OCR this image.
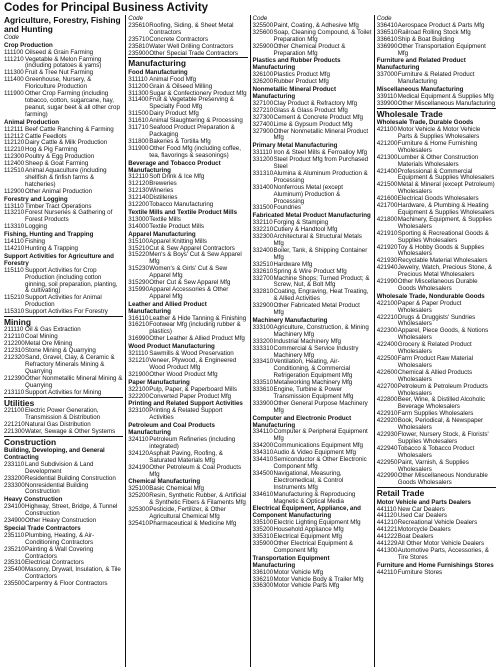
Codes for Principal Business Activity
Agriculture, Forestry, Fishing and Hunting
Code
Crop Production
111100 Oilseed & Grain Farming
111210 Vegetable & Melon Farming (including potatoes & yams)
111300 Fruit & Tree Nut Farming
111400 Greenhouse, Nursery, & Floriculture Production
111900 Other Crop Farming (including tobacco, cotton, sugarcane, hay, peanut, sugar beet & all other crop farming)
Animal Production
112111 Beef Cattle Ranching & Farming
112112 Cattle Feedlots
112120 Dairy Cattle & Milk Production
112210 Hog & Pig Farming
112300 Poultry & Egg Production
112400 Sheep & Goat Farming
112510 Animal Aquaculture (including shellfish & finfish farms & hatcheries)
112900 Other Animal Production
Forestry and Logging
113110 Timber Tract Operations
113210 Forest Nurseries & Gathering of Forest Products
113310 Logging
Fishing, Hunting and Trapping
114110 Fishing
114210 Hunting & Trapping
Support Activities for Agriculture and Forestry
115110 Support Activities for Crop Production (including cotton ginning, soil preparation, planting, & cultivating)
115210 Support Activities for Animal Production
115310 Support Activities For Forestry
Mining
211110 Oil & Gas Extraction
212110 Coal Mining
212200 Metal Ore Mining
212310 Stone Mining & Quarrying
212320 Sand, Gravel, Clay, & Ceramic & Refractory Minerals Mining & Quarrying
212390 Other Nonmetallic Mineral Mining & Quarrying
213110 Support Activities for Mining
Utilities
221100 Electric Power Generation, Transmission & Distribution
221210 Natural Gas Distribution
221300 Water, Sewage & Other Systems
Construction
Building, Developing, and General Contracting
233110 Land Subdivision & Land Development
233200 Residential Building Construction
233300 Nonresidential Building Construction
Heavy Construction
234100 Highway, Street, Bridge, & Tunnel Construction
234900 Other Heavy Construction
Special Trade Contractors
235110 Plumbing, Heating, & Air-Conditioning Contractors
235210 Painting & Wall Covering Contractors
235310 Electrical Contractors
235400 Masonry, Drywall, Insulation, & Tile Contractors
235500 Carpentry & Floor Contractors
Code
235610 Roofing, Siding, & Sheet Metal Contractors
235710 Concrete Contractors
235810 Water Well Drilling Contractors
235900 Other Special Trade Contractors
Manufacturing
Food Manufacturing
311110 Animal Food Mfg
311200 Grain & Oilseed Milling
311300 Sugar & Confectionery Product Mfg
311400 Fruit & Vegetable Preserving & Specialty Food Mfg
311500 Dairy Product Mfg
311610 Animal Slaughtering & Processing
311710 Seafood Product Preparation & Packaging
311800 Bakeries & Tortilla Mfg
311900 Other Food Mfg (including coffee, tea, flavorings & seasonings)
Beverage and Tobacco Product Manufacturing
312110 Soft Drink & Ice Mfg
312120 Breweries
312130 Wineries
312140 Distilleries
312200 Tobacco Manufacturing
Textile Mills and Textile Product Mills
313000 Textile Mills
314000 Textile Product Mills
Apparel Manufacturing
315100 Apparel Knitting Mills
315210 Cut & Sew Apparel Contractors
315220 Men's & Boys' Cut & Sew Apparel Mfg
315230 Women's & Girls' Cut & Sew Apparel Mfg
315290 Other Cut & Sew Apparel Mfg
315990 Apparel Accessories & Other Apparel Mfg
Leather and Allied Product Manufacturing
316110 Leather & Hide Tanning & Finishing
316210 Footwear Mfg (including rubber & plastics)
316990 Other Leather & Allied Product Mfg
Wood Product Manufacturing
321110 Sawmills & Wood Preservation
321210 Veneer, Plywood, & Engineered Wood Product Mfg
321900 Other Wood Product Mfg
Paper Manufacturing
322100 Pulp, Paper, & Paperboard Mills
322200 Converted Paper Product Mfg
Printing and Related Support Activities
323100 Printing & Related Support Activities
Petroleum and Coal Products Manufacturing
324110 Petroleum Refineries (including integrated)
324120 Asphalt Paving, Roofing, & Saturated Materials Mfg
324190 Other Petroleum & Coal Products Mfg
Chemical Manufacturing
325100 Basic Chemical Mfg
325200 Resin, Synthetic Rubber, & Artificial & Synthetic Fibers & Filaments Mfg
325300 Pesticide, Fertilizer, & Other Agricultural Chemical Mfg
325410 Pharmaceutical & Medicine Mfg
Code
325500 Paint, Coating, & Adhesive Mfg
325600 Soap, Cleaning Compound, & Toilet Preparation Mfg
325900 Other Chemical Product & Preparation Mfg
Plastics and Rubber Products Manufacturing
326100 Plastics Product Mfg
326200 Rubber Product Mfg
Nonmetallic Mineral Product Manufacturing
327100 Clay Product & Refractory Mfg
327210 Glass & Glass Product Mfg
327300 Cement & Concrete Product Mfg
327400 Lime & Gypsum Product Mfg
327900 Other Nonmetallic Mineral Product Mfg
Primary Metal Manufacturing
331110 Iron & Steel Mills & Ferroalloy Mfg
331200 Steel Product Mfg from Purchased Steel
331310 Alumina & Aluminum Production & Processing
331400 Nonferrous Metal (except Aluminum) Production & Processing
331500 Foundries
Fabricated Metal Product Manufacturing
332110 Forging & Stamping
332210 Cutlery & Handtool Mfg
332300 Architectural & Structural Metals Mfg
332400 Boiler, Tank, & Shipping Container Mfg
332510 Hardware Mfg
332610 Spring & Wire Product Mfg
332700 Machine Shops; Turned Product; & Screw, Nut, & Bolt Mfg
332810 Coating, Engraving, Heat Treating, & Allied Activities
332900 Other Fabricated Metal Product Mfg
Machinery Manufacturing
333100 Agriculture, Construction, & Mining Machinery Mfg
333200 Industrial Machinery Mfg
333310 Commercial & Service Industry Machinery Mfg
333410 Ventilation, Heating, Air-Conditioning, & Commercial Refrigeration Equipment Mfg
333510 Metalworking Machinery Mfg
333610 Engine, Turbine & Power Transmission Equipment Mfg
333900 Other General Purpose Machinery Mfg
Computer and Electronic Product Manufacturing
334110 Computer & Peripheral Equipment Mfg
334200 Communications Equipment Mfg
334310 Audio & Video Equipment Mfg
334410 Semiconductor & Other Electronic Component Mfg
334500 Navigational, Measuring, Electromedical, & Control Instruments Mfg
334610 Manufacturing & Reproducing Magnetic & Optical Media
Electrical Equipment, Appliance, and Component Manufacturing
335100 Electric Lighting Equipment Mfg
335200 Household Appliance Mfg
335310 Electrical Equipment Mfg
335900 Other Electrical Equipment & Component Mfg
Transportation Equipment Manufacturing
336100 Motor Vehicle Mfg
336210 Motor Vehicle Body & Trailer Mfg
336300 Motor Vehicle Parts Mfg
Code
336410 Aerospace Product & Parts Mfg
336510 Railroad Rolling Stock Mfg
336610 Ship & Boat Building
336990 Other Transportation Equipment Mfg
Furniture and Related Product Manufacturing
337000 Furniture & Related Product Manufacturing
Miscellaneous Manufacturing
339110 Medical Equipment & Supplies Mfg
339900 Other Miscellaneous Manufacturing
Wholesale Trade
Wholesale Trade, Durable Goods
421100 Motor Vehicle & Motor Vehicle Parts & Supplies Wholesalers
421200 Furniture & Home Furnishing Wholesalers
421300 Lumber & Other Construction Materials Wholesalers
421400 Professional & Commercial Equipment & Supplies Wholesalers
421500 Metal & Mineral (except Petroleum) Wholesalers
421600 Electrical Goods Wholesalers
421700 Hardware, & Plumbing & Heating Equipment & Supplies Wholesalers
421800 Machinery, Equipment, & Supplies Wholesalers
421910 Sporting & Recreational Goods & Supplies Wholesalers
421920 Toy & Hobby Goods & Supplies Wholesalers
421930 Recyclable Material Wholesalers
421940 Jewelry, Watch, Precious Stone, & Precious Metal Wholesalers
421990 Other Miscellaneous Durable Goods Wholesalers
Wholesale Trade, Nondurable Goods
422100 Paper & Paper Product Wholesalers
422210 Drugs & Druggists' Sundries Wholesalers
422300 Apparel, Piece Goods, & Notions Wholesalers
422400 Grocery & Related Product Wholesalers
422500 Farm Product Raw Material Wholesalers
422600 Chemical & Allied Products Wholesalers
422700 Petroleum & Petroleum Products Wholesalers
422800 Beer, Wine, & Distilled Alcoholic Beverage Wholesalers
422910 Farm Supplies Wholesalers
422920 Book, Periodical, & Newspaper Wholesalers
422930 Flower, Nursery Stock, & Florists' Supplies Wholesalers
422940 Tobacco & Tobacco Product Wholesalers
422950 Paint, Varnish, & Supplies Wholesalers
422990 Other Miscellaneous Nondurable Goods Wholesalers
Retail Trade
Motor Vehicle and Parts Dealers
441110 New Car Dealers
441120 Used Car Dealers
441210 Recreational Vehicle Dealers
441221 Motorcycle Dealers
441222 Boat Dealers
441229 All Other Motor Vehicle Dealers
441300 Automotive Parts, Accessories, & Tire Stores
Furniture and Home Furnishings Stores
442110 Furniture Stores
